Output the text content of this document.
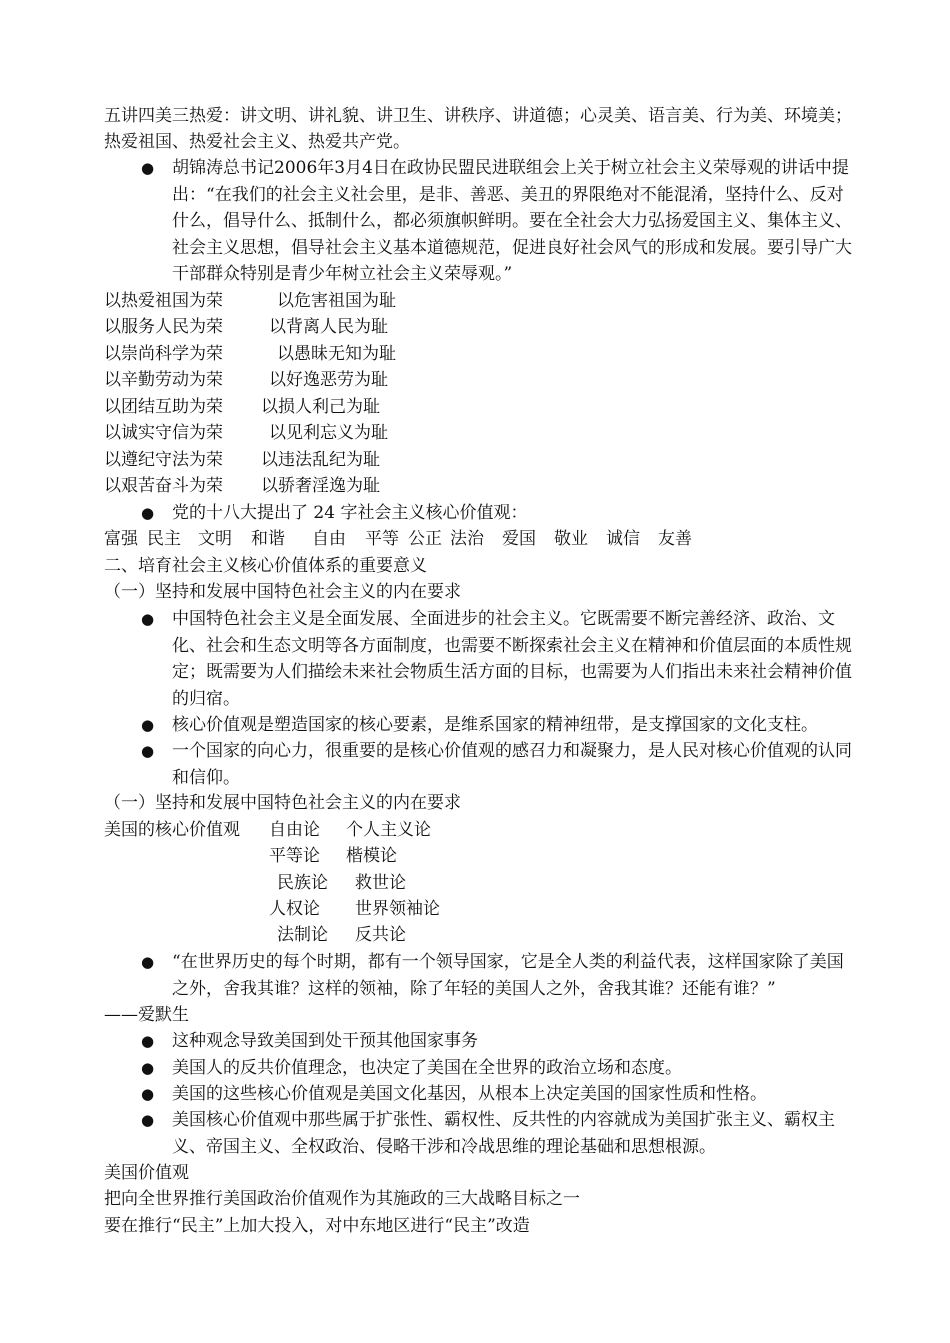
五讲四美三热爱：讲文明、讲礼貌、讲卫生、讲秩序、讲道德；心灵美、语言美、行为美、环境美；
热爱祖国、热爱社会主义、热爱共产党。
● 胡锦涛总书记2006年3月4日在政协民盟民进联组会上关于树立社会主义荣辱观的讲话中提出：“在我们的社会主义社会里，是非、善恶、美丑的界限绝对不能混淆，坚持什么、反对什么，倡导什么、抵制什么，都必须旗帜鲜明。要在全社会大力弘扬爱国主义、集体主义、社会主义思想，倡导社会主义基本道德规范，促进良好社会风气的形成和发展。要引导广大干部群众特别是青少年树立社会主义荣辱观。”
以热爱祖国为荣	以危害祖国为耻
以服务人民为荣	以背离人民为耻
以崇尚科学为荣	以愚昧无知为耻
以辛勤劳动为荣	以好逸恶劳为耻
以团结互助为荣 以损人利己为耻
以诚实守信为荣	以见利忘义为耻
以遵纪守法为荣 以违法乱纪为耻
以艰苦奋斗为荣 以骄奢淫逸为耻
● 党的十八大提出了 24 字社会主义核心价值观：
富强 民主 文明 和谐 自由 平等 公正 法治 爱国 敬业 诚信 友善
二、培育社会主义核心价值体系的重要意义
（一）坚持和发展中国特色社会主义的内在要求
● 中国特色社会主义是全面发展、全面进步的社会主义。它既需要不断完善经济、政治、文化、社会和生态文明等各方面制度，也需要不断探索社会主义在精神和价值层面的本质性规定；既需要为人们描绘未来社会物质生活方面的目标，也需要为人们指出未来社会精神价值的归宿。
● 核心价值观是塑造国家的核心要素，是维系国家的精神纽带，是支撑国家的文化支柱。
● 一个国家的向心力，很重要的是核心价值观的感召力和凝聚力，是人民对核心价值观的认同和信仰。
（一）坚持和发展中国特色社会主义的内在要求
美国的核心价值观 自由论 个人主义论
平等论 楷模论
民族论 救世论
人权论 世界领袖论
法制论 反共论
● “在世界历史的每个时期，都有一个领导国家，它是全人类的利益代表，这样国家除了美国之外，舍我其谁？这样的领袖，除了年轻的美国人之外，舍我其谁？还能有谁？”
——爱默生
● 这种观念导致美国到处干预其他国家事务
● 美国人的反共价值理念，也决定了美国在全世界的政治立场和态度。
● 美国的这些核心价值观是美国文化基因，从根本上决定美国的国家性质和性格。
● 美国核心价值观中那些属于扩张性、霸权性、反共性的内容就成为美国扩张主义、霸权主义、帝国主义、全权政治、侵略干涉和冷战思维的理论基础和思想根源。
美国价值观
把向全世界推行美国政治价值观作为其施政的三大战略目标之一
要在推行“民主”上加大投入，对中东地区进行“民主”改造
